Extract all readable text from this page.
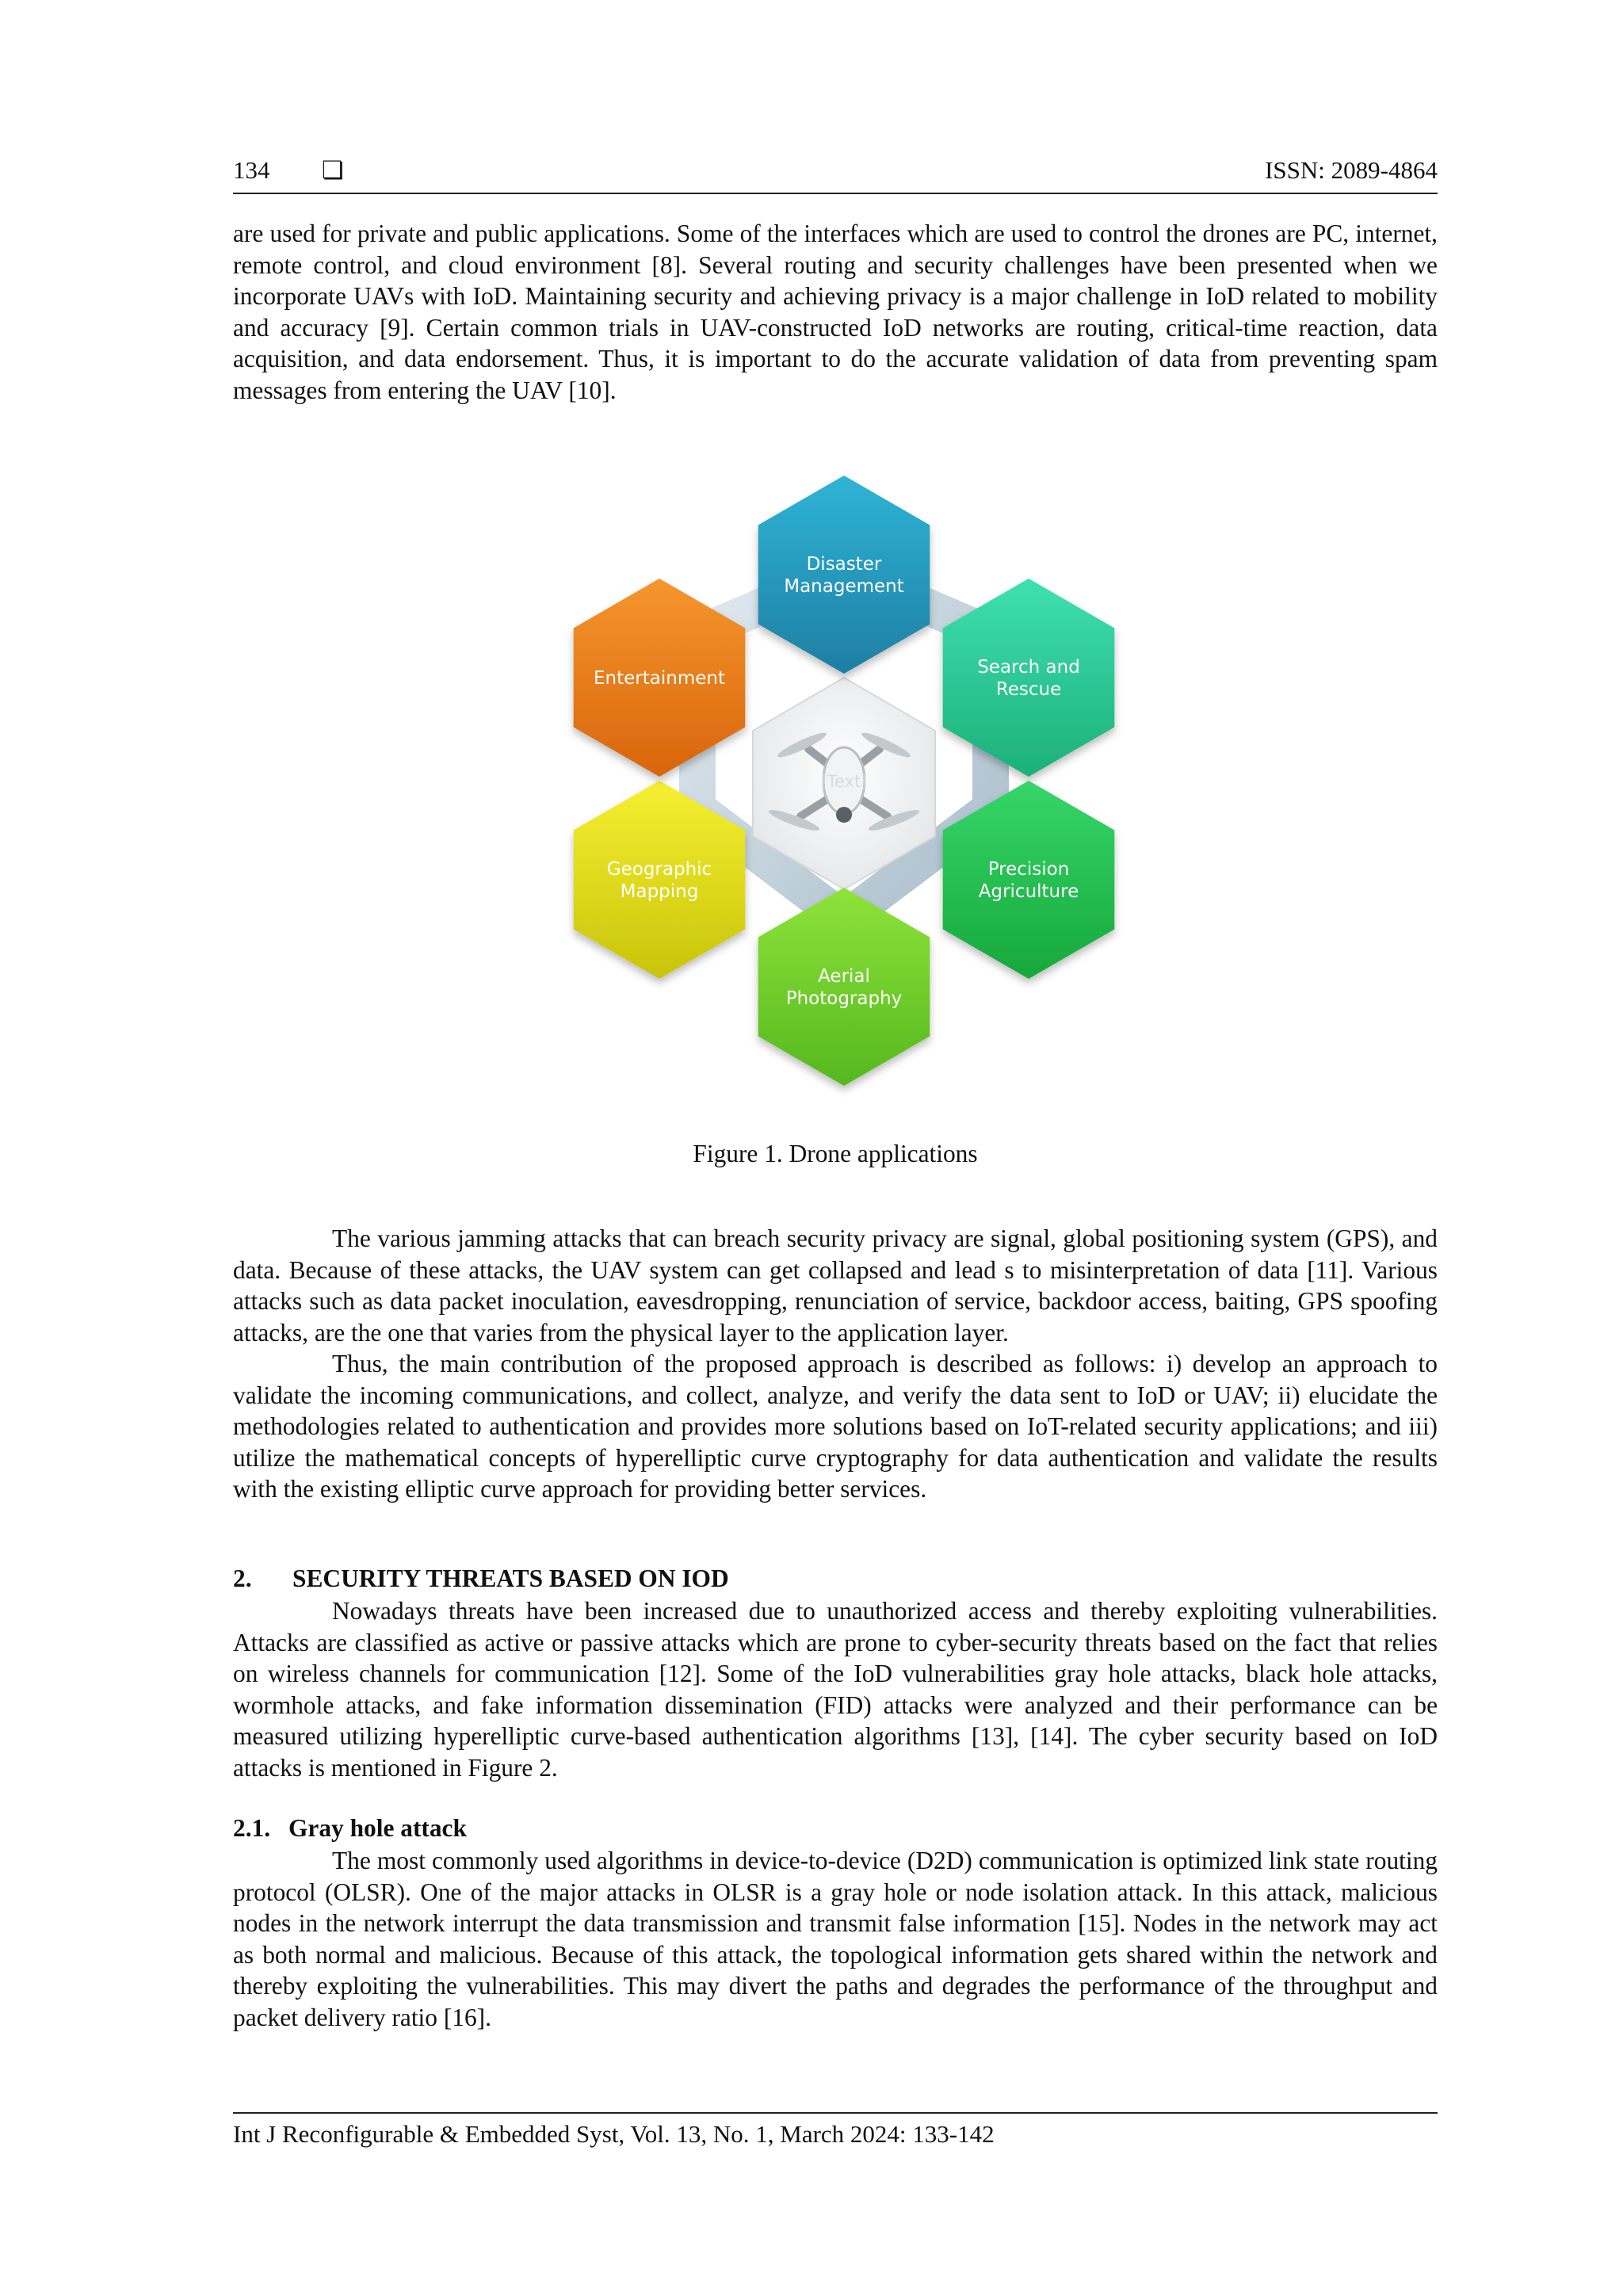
134 ❏	ISSN: 2089-4864

are used for private and public applications. Some of the interfaces which are used to control the drones are PC, internet, remote control, and cloud environment [8]. Several routing and security challenges have been presented when we incorporate UAVs with IoD. Maintaining security and achieving privacy is a major challenge in IoD related to mobility and accuracy [9]. Certain common trials in UAV-constructed IoD networks are routing, critical-time reaction, data acquisition, and data endorsement. Thus, it is important to do the accurate validation of data from preventing spam messages from entering the UAV [10].

[Text]
Disaster
Management
Search and
Rescue
Precision
Agriculture
Aerial
Photography
Geographic
Mapping
Entertainment
Figure 1. Drone applications

The various jamming attacks that can breach security privacy are signal, global positioning system (GPS), and data. Because of these attacks, the UAV system can get collapsed and lead s to misinterpretation of data [11]. Various attacks such as data packet inoculation, eavesdropping, renunciation of service, backdoor access, baiting, GPS spoofing attacks, are the one that varies from the physical layer to the application layer.

Thus, the main contribution of the proposed approach is described as follows: i) develop an approach to validate the incoming communications, and collect, analyze, and verify the data sent to IoD or UAV; ii) elucidate the methodologies related to authentication and provides more solutions based on IoT-related security applications; and iii) utilize the mathematical concepts of hyperelliptic curve cryptography for data authentication and validate the results with the existing elliptic curve approach for providing better services.

2. SECURITY THREATS BASED ON IOD

Nowadays threats have been increased due to unauthorized access and thereby exploiting vulnerabilities. Attacks are classified as active or passive attacks which are prone to cyber-security threats based on the fact that relies on wireless channels for communication [12]. Some of the IoD vulnerabilities gray hole attacks, black hole attacks, wormhole attacks, and fake information dissemination (FID) attacks were analyzed and their performance can be measured utilizing hyperelliptic curve-based authentication algorithms [13], [14]. The cyber security based on IoD attacks is mentioned in Figure 2.

2.1. Gray hole attack

The most commonly used algorithms in device-to-device (D2D) communication is optimized link state routing protocol (OLSR). One of the major attacks in OLSR is a gray hole or node isolation attack. In this attack, malicious nodes in the network interrupt the data transmission and transmit false information [15]. Nodes in the network may act as both normal and malicious. Because of this attack, the topological information gets shared within the network and thereby exploiting the vulnerabilities. This may divert the paths and degrades the performance of the throughput and packet delivery ratio [16].

Int J Reconfigurable & Embedded Syst, Vol. 13, No. 1, March 2024: 133-142
